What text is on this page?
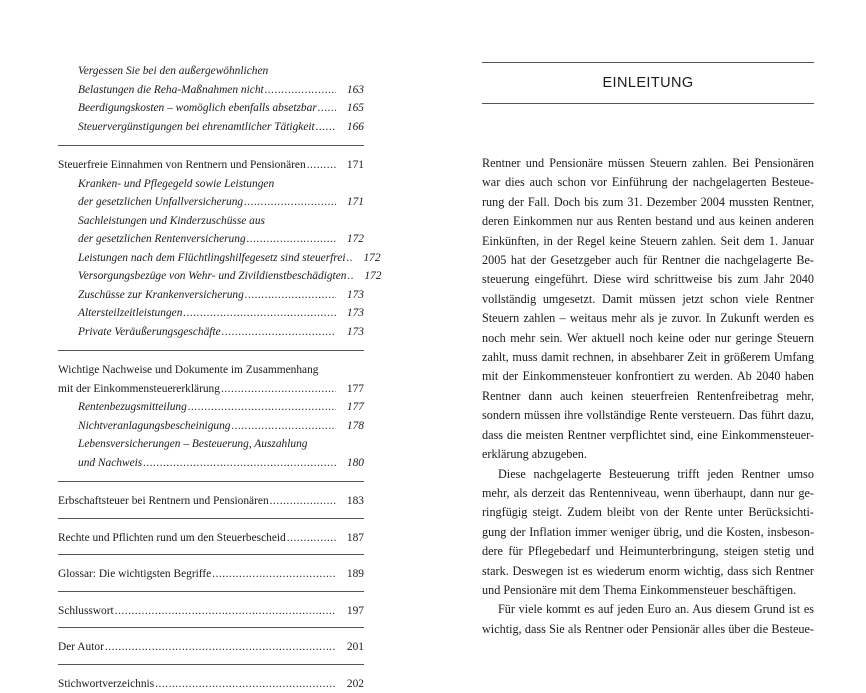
Vergessen Sie bei den außergewöhnlichen
Belastungen die Reha-Maßnahmen nicht .....	163
Beerdigungskosten – womöglich ebenfalls absetzbar .....	165
Steuervergünstigungen bei ehrenamtlicher Tätigkeit .....	166
Steuerfreie Einnahmen von Rentnern und Pensionären .....	171
Kranken- und Pflegegeld sowie Leistungen
der gesetzlichen Unfallversicherung .....	171
Sachleistungen und Kinderzuschüsse aus
der gesetzlichen Rentenversicherung .....	172
Leistungen nach dem Flüchtlingshilfegesetz sind steuerfrei .....	172
Versorgungsbezüge von Wehr- und Zivildienstbeschädigten .....	172
Zuschüsse zur Krankenversicherung .....	173
Altersteilzeitleistungen .....	173
Private Veräußerungsgeschäfte .....	173
Wichtige Nachweise und Dokumente im Zusammenhang
mit der Einkommensteuererklärung .....	177
Rentenbezugsmitteilung .....	177
Nichtveranlagungsbescheinigung .....	178
Lebensversicherungen – Besteuerung, Auszahlung
und Nachweis .....	180
Erbschaftsteuer bei Rentnern und Pensionären .....	183
Rechte und Pflichten rund um den Steuerbescheid .....	187
Glossar: Die wichtigsten Begriffe .....	189
Schlusswort .....	197
Der Autor .....	201
Stichwortverzeichnis .....	202
EINLEITUNG
Rentner und Pensionäre müssen Steuern zahlen. Bei Pensionären
war dies auch schon vor Einführung der nachgelagerten Besteue-
rung der Fall. Doch bis zum 31. Dezember 2004 mussten Rentner,
deren Einkommen nur aus Renten bestand und aus keinen anderen
Einkünften, in der Regel keine Steuern zahlen. Seit dem 1. Januar
2005 hat der Gesetzgeber auch für Rentner die nachgelagerte Be-
steuerung eingeführt. Diese wird schrittweise bis zum Jahr 2040
vollständig umgesetzt. Damit müssen jetzt schon viele Rentner
Steuern zahlen – weitaus mehr als je zuvor. In Zukunft werden es
noch mehr sein. Wer aktuell noch keine oder nur geringe Steuern
zahlt, muss damit rechnen, in absehbarer Zeit in größerem Umfang
mit der Einkommensteuer konfrontiert zu werden. Ab 2040 haben
Rentner dann auch keinen steuerfreien Rentenfreibetrag mehr,
sondern müssen ihre vollständige Rente versteuern. Das führt dazu,
dass die meisten Rentner verpflichtet sind, eine Einkommensteuer-
erklärung abzugeben.
Diese nachgelagerte Besteuerung trifft jeden Rentner umso
mehr, als derzeit das Rentenniveau, wenn überhaupt, dann nur ge-
ringfügig steigt. Zudem bleibt von der Rente unter Berücksichti-
gung der Inflation immer weniger übrig, und die Kosten, insbeson-
dere für Pflegebedarf und Heimunterbringung, steigen stetig und
stark. Deswegen ist es wiederum enorm wichtig, dass sich Rentner
und Pensionäre mit dem Thema Einkommensteuer beschäftigen.
Für viele kommt es auf jeden Euro an. Aus diesem Grund ist es
wichtig, dass Sie als Rentner oder Pensionär alles über die Besteue-
